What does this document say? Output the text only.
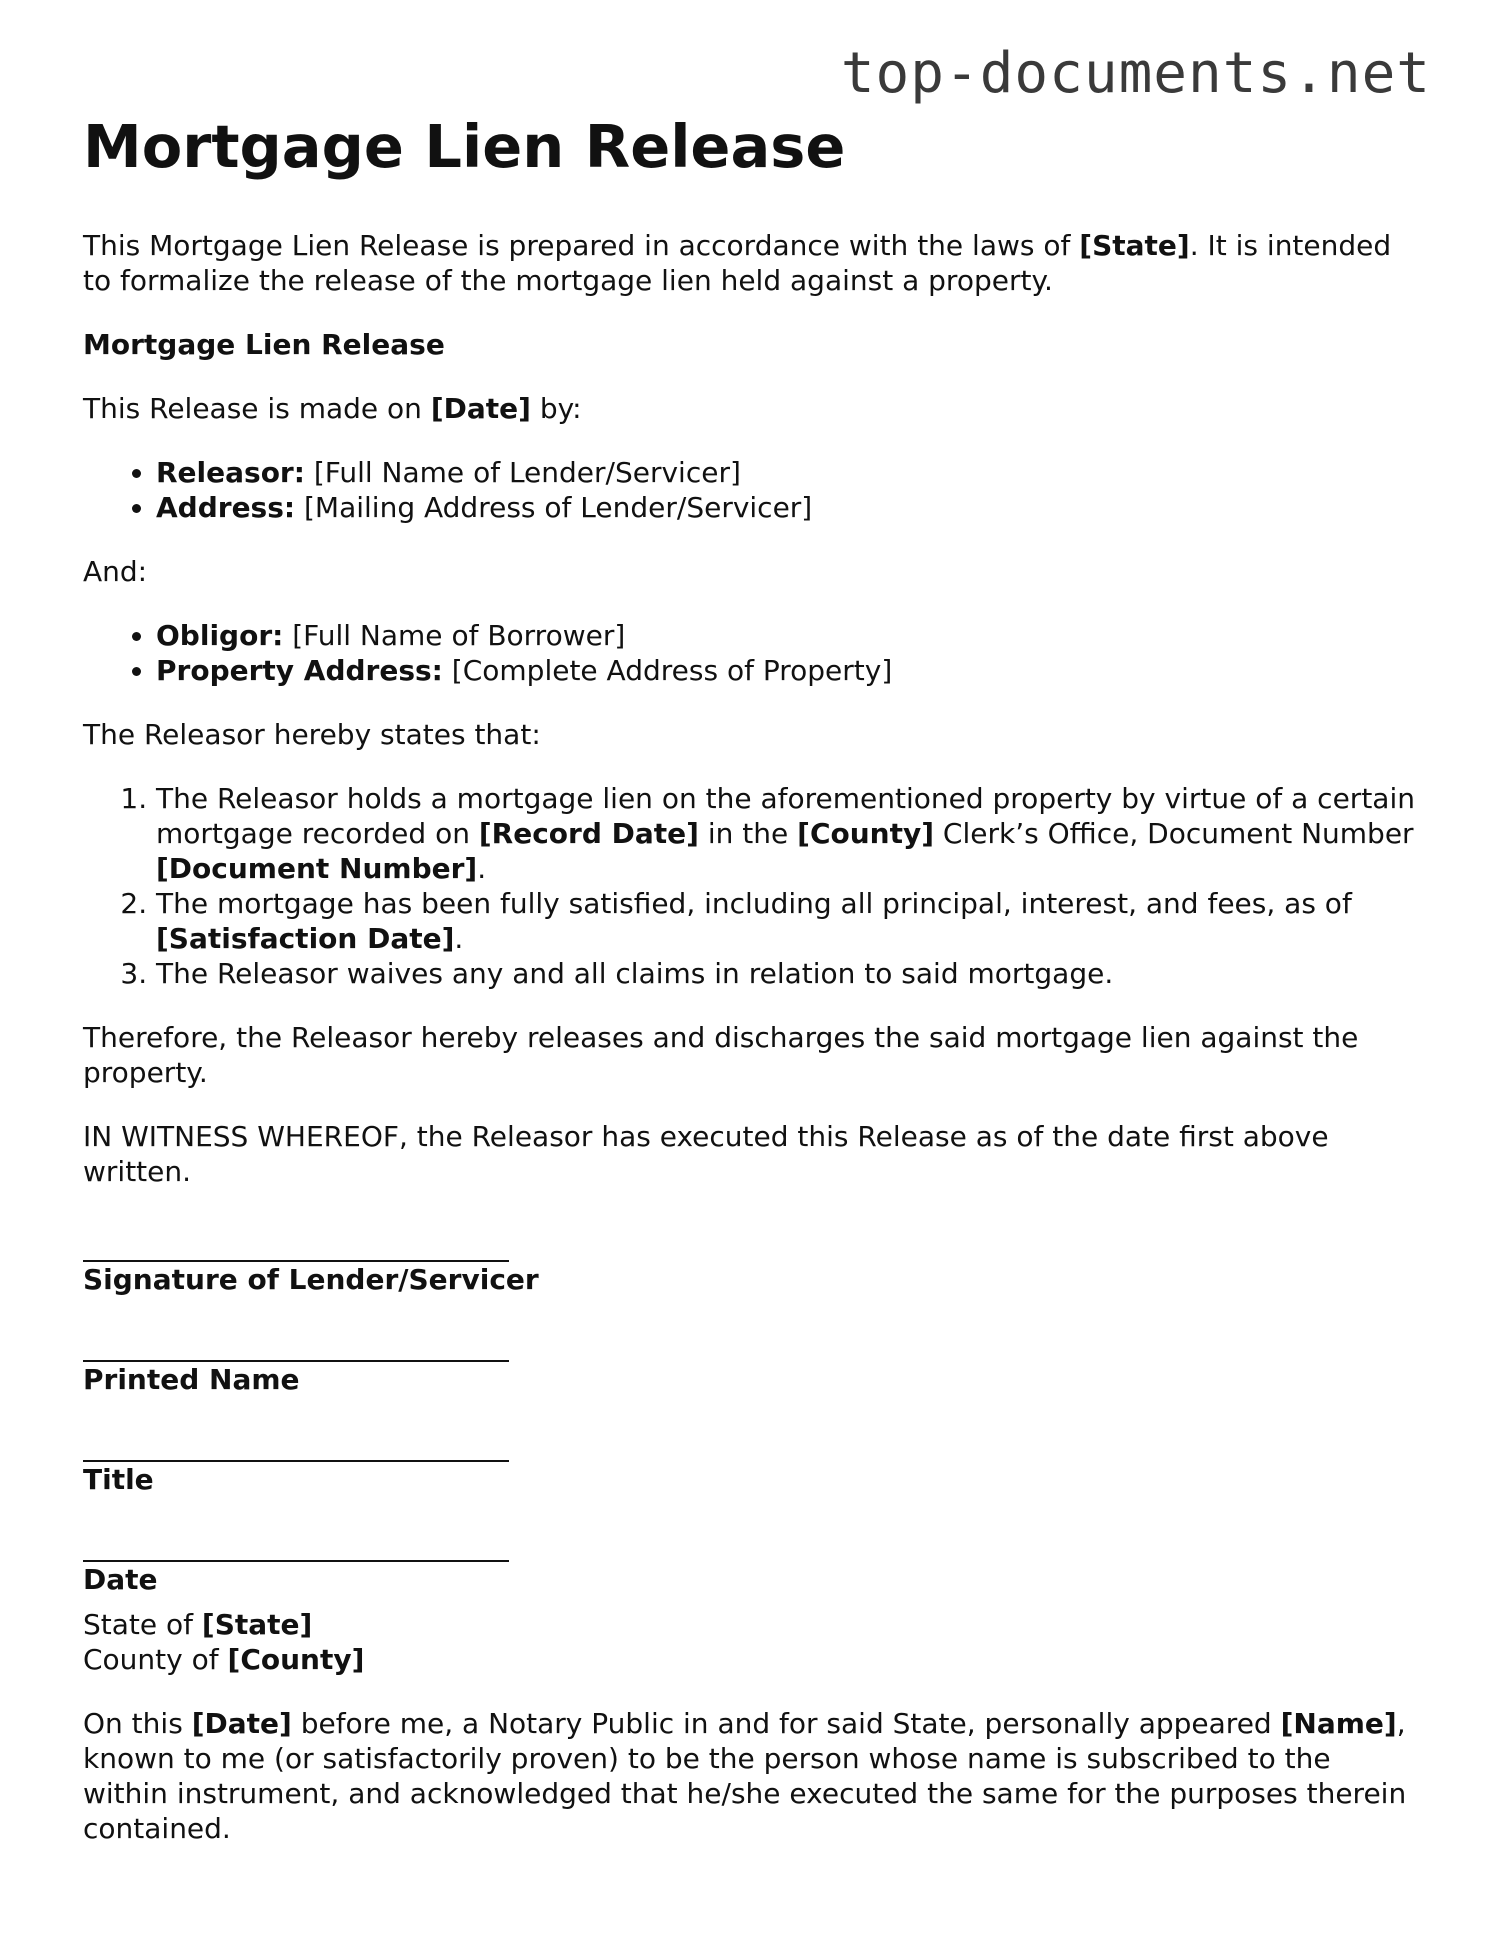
top-documents.net
Mortgage Lien Release

This Mortgage Lien Release is prepared in accordance with the laws of [State]. It is intended to formalize the release of the mortgage lien held against a property.

Mortgage Lien Release

This Release is made on [Date] by:

• Releasor: [Full Name of Lender/Servicer]
• Address: [Mailing Address of Lender/Servicer]

And:

• Obligor: [Full Name of Borrower]
• Property Address: [Complete Address of Property]

The Releasor hereby states that:

1. The Releasor holds a mortgage lien on the aforementioned property by virtue of a certain mortgage recorded on [Record Date] in the [County] Clerk’s Office, Document Number [Document Number].
2. The mortgage has been fully satisfied, including all principal, interest, and fees, as of [Satisfaction Date].
3. The Releasor waives any and all claims in relation to said mortgage.

Therefore, the Releasor hereby releases and discharges the said mortgage lien against the property.

IN WITNESS WHEREOF, the Releasor has executed this Release as of the date first above written.

Signature of Lender/Servicer
Printed Name
Title
Date
State of [State]
County of [County]

On this [Date] before me, a Notary Public in and for said State, personally appeared [Name], known to me (or satisfactorily proven) to be the person whose name is subscribed to the within instrument, and acknowledged that he/she executed the same for the purposes therein contained.
